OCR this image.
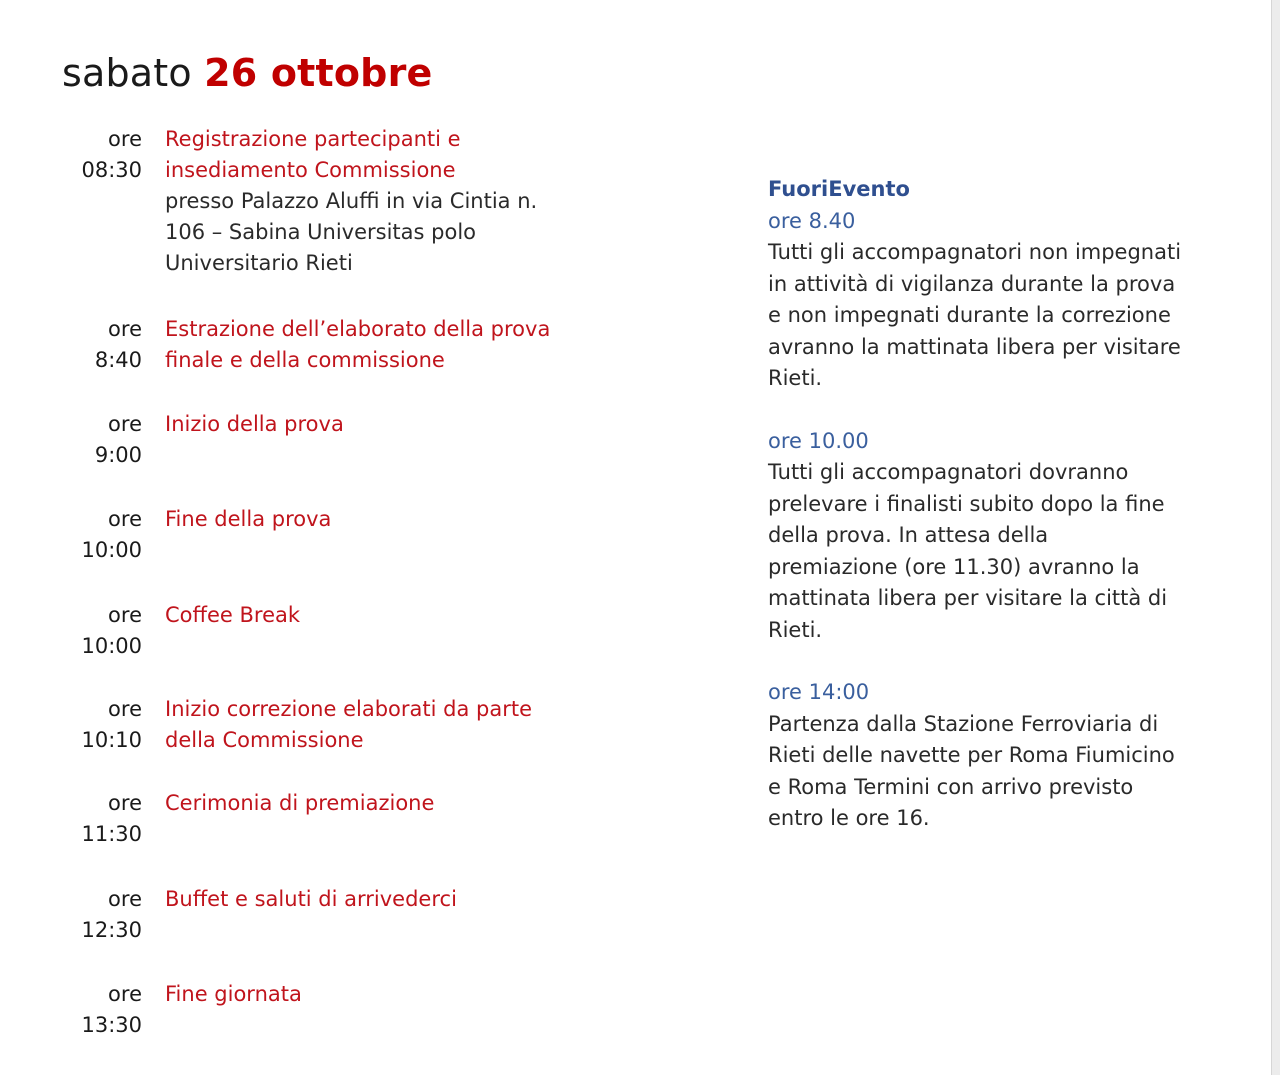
sabato 26 ottobre
ore
08:30
Registrazione partecipanti e insediamento Commissione
presso Palazzo Aluffi in via Cintia n. 106 – Sabina Universitas polo Universitario Rieti
ore
8:40
Estrazione dell’elaborato della prova finale e della commissione
ore
9:00
Inizio della prova
ore
10:00
Fine della prova
ore
10:00
Coffee Break
ore
10:10
Inizio correzione elaborati da parte della Commissione
ore
11:30
Cerimonia di premiazione
ore
12:30
Buffet e saluti di arrivederci
ore
13:30
Fine giornata
FuoriEvento
ore 8.40
Tutti gli accompagnatori non impegnati in attività di vigilanza durante la prova e non impegnati durante la correzione avranno la mattinata libera per visitare Rieti.
ore 10.00
Tutti gli accompagnatori dovranno prelevare i finalisti subito dopo la fine della prova. In attesa della premiazione (ore 11.30) avranno la mattinata libera per visitare la città di Rieti.
ore 14:00
Partenza dalla Stazione Ferroviaria di Rieti delle navette per Roma Fiumicino e Roma Termini con arrivo previsto entro le ore 16.
